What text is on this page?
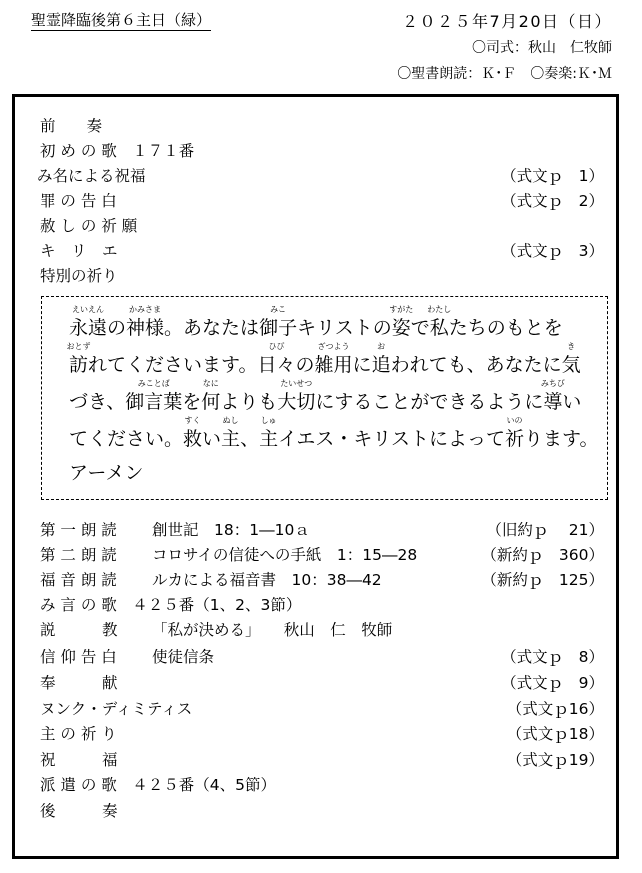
聖霊降臨後第６主日（緑）	２０２５年7月20日（日）
〇司式：秋山　仁牧師
〇聖書朗読：Ｋ･Ｆ　〇奏楽:Ｋ･Ｍ
前　　奏
初 め の 歌　１７１番
み名による祝福	（式文ｐ　1）
罪 の 告 白	（式文ｐ　2）
赦 し の 祈 願
キ　リ　エ	（式文ｐ　3）
特別の祈り
永遠
えいえん
の神様
かみさま
。あなたは御子
みこ
キリストの姿
すがた
で私
わたし
たちのもとを
訪
おとず
れてくださいます。日々
ひび
の雑用
ざつよう
に追
お
われても、あなたに気
き
づき、御言葉
みことば
を何
なに
よりも大切
たいせつ
にすることができるように導
みちび
い
てください。救
すく
い主
ぬし
、主
しゅ
イエス・キリストによって祈
いの
ります。
アーメン
第 一 朗 読 創世記　18：1―10ａ	（旧約ｐ　 21）
第 二 朗 読 コロサイの信徒への手紙　1：15―28	（新約ｐ　360）
福 音 朗 読 ルカによる福音書　10：38―42	（新約ｐ　125）
み 言 の 歌　４２５番（1、2、3節）
説　　　教 「私が決める」　　秋山　仁　牧師
信 仰 告 白 使徒信条	（式文ｐ　8）
奉　　　献	（式文ｐ　9）
ヌンク・ディミティス	（式文ｐ16）
主 の 祈 り	（式文ｐ18）
祝　　　福	（式文ｐ19）
派 遣 の 歌　４２５番（4、5節）
後　　　奏
